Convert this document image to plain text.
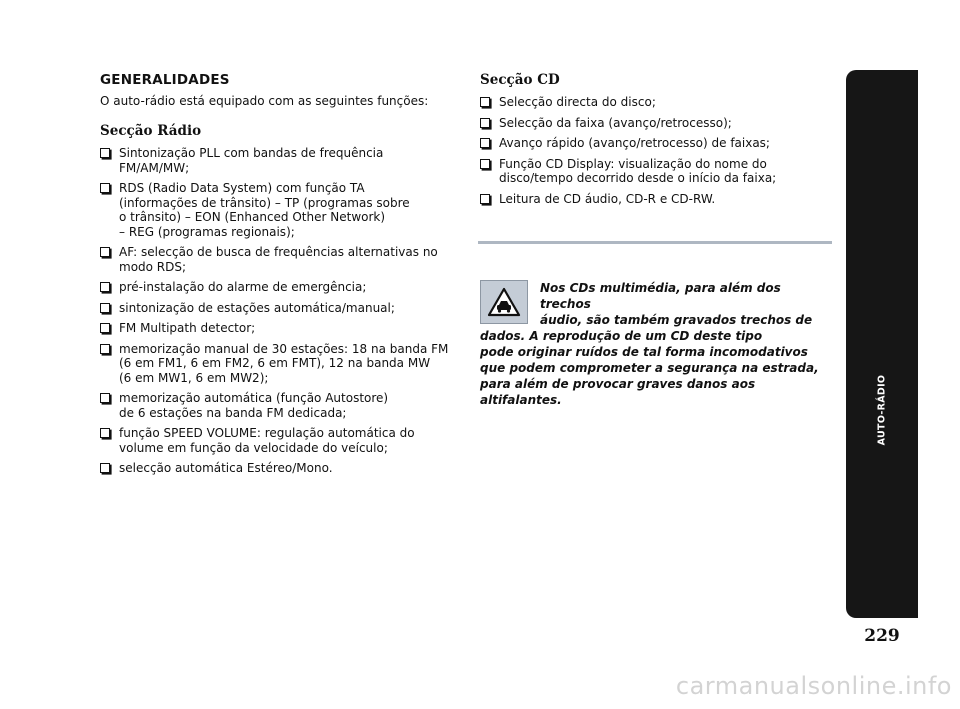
GENERALIDADES
O auto-rádio está equipado com as seguintes funções:
Secção Rádio
Sintonização PLL com bandas de frequência
FM/AM/MW;
RDS (Radio Data System) com função TA
(informações de trânsito) – TP (programas sobre
o trânsito) – EON (Enhanced Other Network)
– REG (programas regionais);
AF: selecção de busca de frequências alternativas no
modo RDS;
pré-instalação do alarme de emergência;
sintonização de estações automática/manual;
FM Multipath detector;
memorização manual de 30 estações: 18 na banda FM
(6 em FM1, 6 em FM2, 6 em FMT), 12 na banda MW
(6 em MW1, 6 em MW2);
memorização automática (função Autostore)
de 6 estações na banda FM dedicada;
função SPEED VOLUME: regulação automática do
volume em função da velocidade do veículo;
selecção automática Estéreo/Mono.
Secção CD
Selecção directa do disco;
Selecção da faixa (avanço/retrocesso);
Avanço rápido (avanço/retrocesso) de faixas;
Função CD Display: visualização do nome do
disco/tempo decorrido desde o início da faixa;
Leitura de CD áudio, CD-R e CD-RW.
Nos CDs multimédia, para além dos trechos
áudio, são também gravados trechos de
dados. A reprodução de um CD deste tipo
pode originar ruídos de tal forma incomodativos
que podem comprometer a segurança na estrada,
para além de provocar graves danos aos
altifalantes.	AUTO-RÁDIO
229
carmanualsonline.info
